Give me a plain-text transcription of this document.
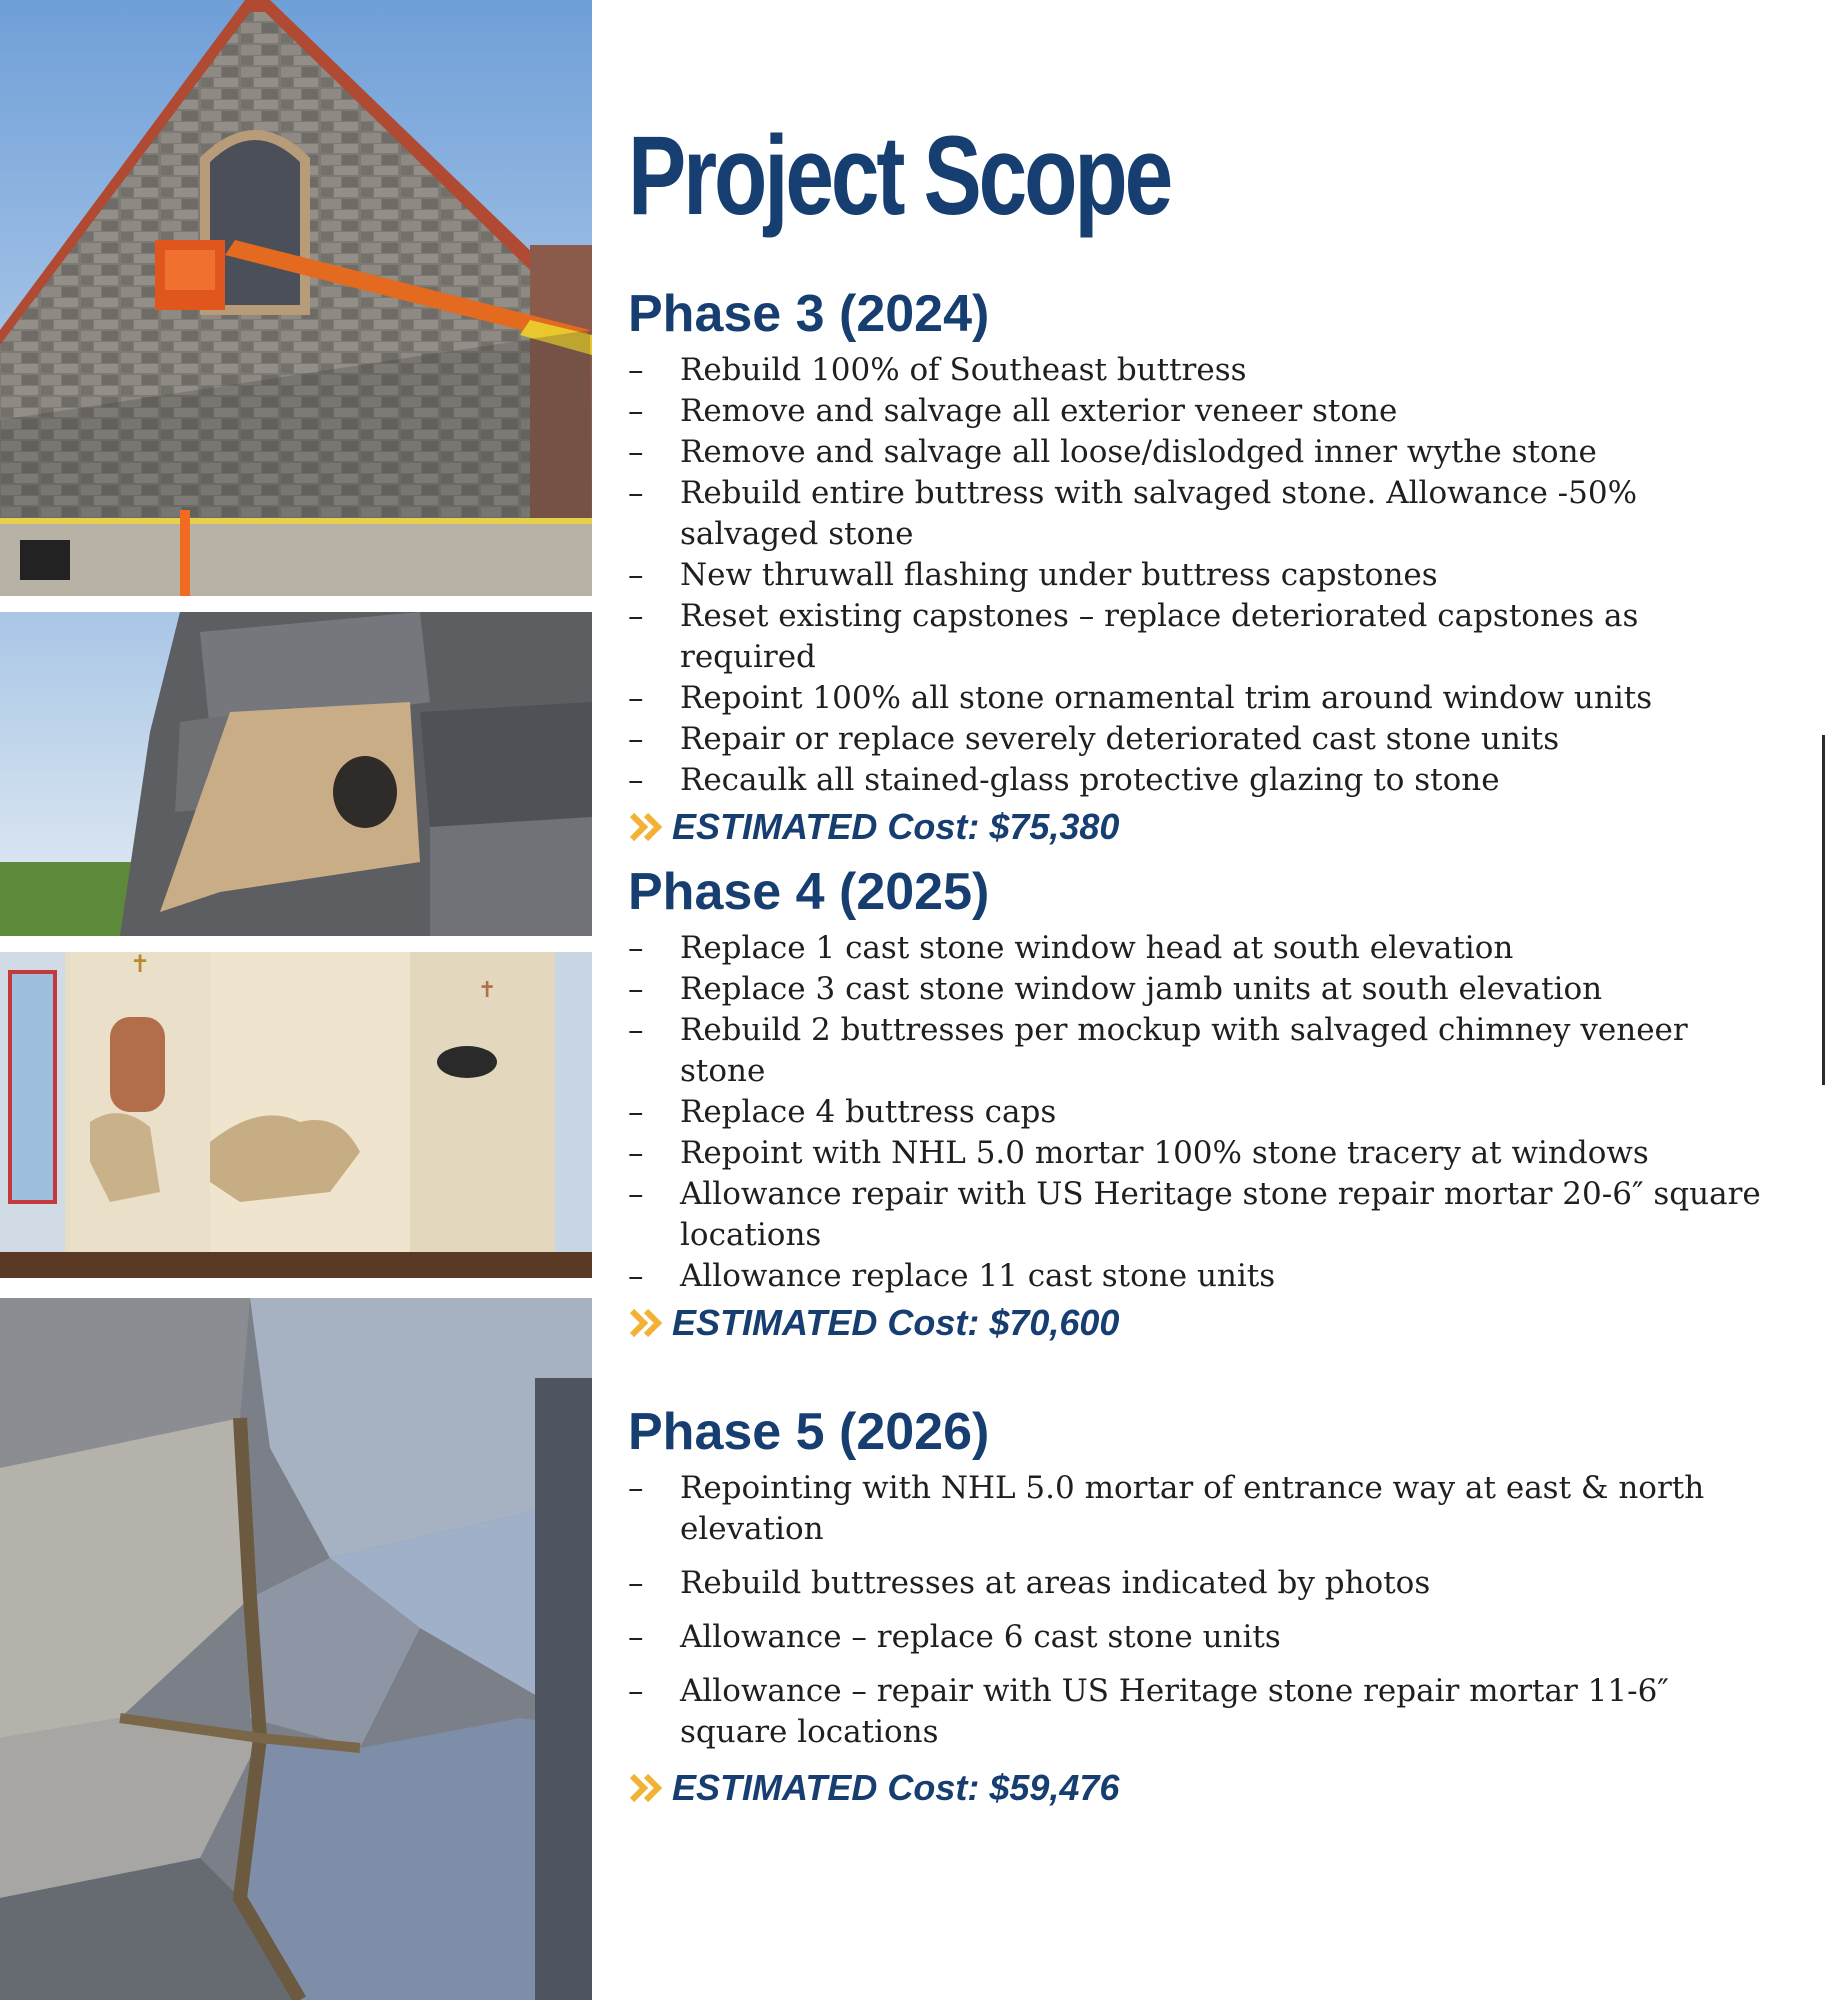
✝
✝
Project Scope
Phase 3 (2024)
– Rebuild 100% of Southeast buttress
– Remove and salvage all exterior veneer stone
– Remove and salvage all loose/dislodged inner wythe stone
– Rebuild entire buttress with salvaged stone. Allowance -50% salvaged stone
– New thruwall flashing under buttress capstones
– Reset existing capstones – replace deteriorated capstones as required
– Repoint 100% all stone ornamental trim around window units
– Repair or replace severely deteriorated cast stone units
– Recaulk all stained-glass protective glazing to stone
ESTIMATED Cost: $75,380
Phase 4 (2025)
– Replace 1 cast stone window head at south elevation
– Replace 3 cast stone window jamb units at south elevation
– Rebuild 2 buttresses per mockup with salvaged chimney veneer stone
– Replace 4 buttress caps
– Repoint with NHL 5.0 mortar 100% stone tracery at windows
– Allowance repair with US Heritage stone repair mortar 20-6″ square locations
– Allowance replace 11 cast stone units
ESTIMATED Cost: $70,600
Phase 5 (2026)
– Repointing with NHL 5.0 mortar of entrance way at east & north elevation
– Rebuild buttresses at areas indicated by photos
– Allowance – replace 6 cast stone units
– Allowance – repair with US Heritage stone repair mortar 11-6″ square locations
ESTIMATED Cost: $59,476
